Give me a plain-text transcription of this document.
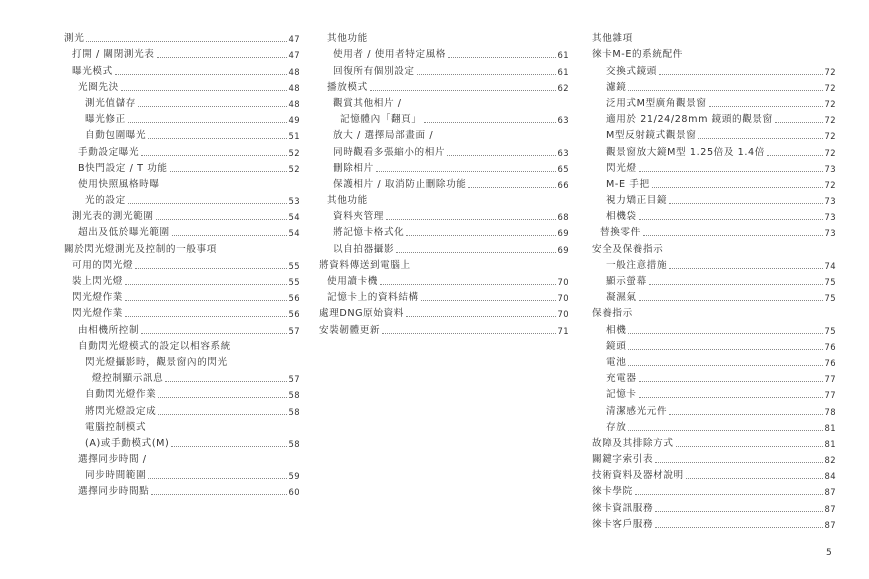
測光	47
打開 / 關閉測光表	47
曝光模式	48
光圈先決	48
測光值儲存	48
曝光修正	49
自動包圍曝光	51
手動設定曝光	52
B快門設定 / T 功能	52
使用快照風格時曝
光的設定	53
測光表的測光範圍	54
超出及低於曝光範圍	54
關於閃光燈測光及控制的一般事項
可用的閃光燈	55
裝上閃光燈	55
閃光燈作業	56
閃光燈作業	56
由相機所控制	57
自動閃光燈模式的設定以相容系統
閃光燈攝影時，觀景窗內的閃光
燈控制顯示訊息	57
自動閃光燈作業	58
將閃光燈設定成	58
電腦控制模式
(A)或手動模式(M)	58
選擇同步時間 /
同步時間範圍	59
選擇同步時間點	60
其他功能
使用者 / 使用者特定風格	61
回復所有個別設定	61
播放模式	62
觀賞其他相片 /
記憶體內「翻頁」	63
放大 / 選擇局部畫面 /
同時觀看多張縮小的相片	63
刪除相片	65
保護相片 / 取消防止刪除功能	66
其他功能
資料夾管理	68
將記憶卡格式化	69
以自拍器攝影	69
將資料傳送到電腦上
使用讀卡機	70
記憶卡上的資料結構	70
處理DNG原始資料	70
安裝韌體更新	71
其他雜項
徠卡M-E的系統配件
交換式鏡頭	72
濾鏡	72
泛用式M型廣角觀景窗	72
適用於 21/24/28mm 鏡頭的觀景窗	72
M型反射鏡式觀景窗	72
觀景窗放大鏡M型 1.25倍及 1.4倍	72
閃光燈	73
M-E 手把	72
視力矯正目鏡	73
相機袋	73
替換零件	73
安全及保養指示
一般注意措施	74
顯示螢幕	75
凝濕氣	75
保養指示
相機	75
鏡頭	76
電池	76
充電器	77
記憶卡	77
清潔感光元件	78
存放	81
故障及其排除方式	81
關鍵字索引表	82
技術資料及器材說明	84
徠卡學院	87
徠卡資訊服務	87
徠卡客戶服務	87
5
